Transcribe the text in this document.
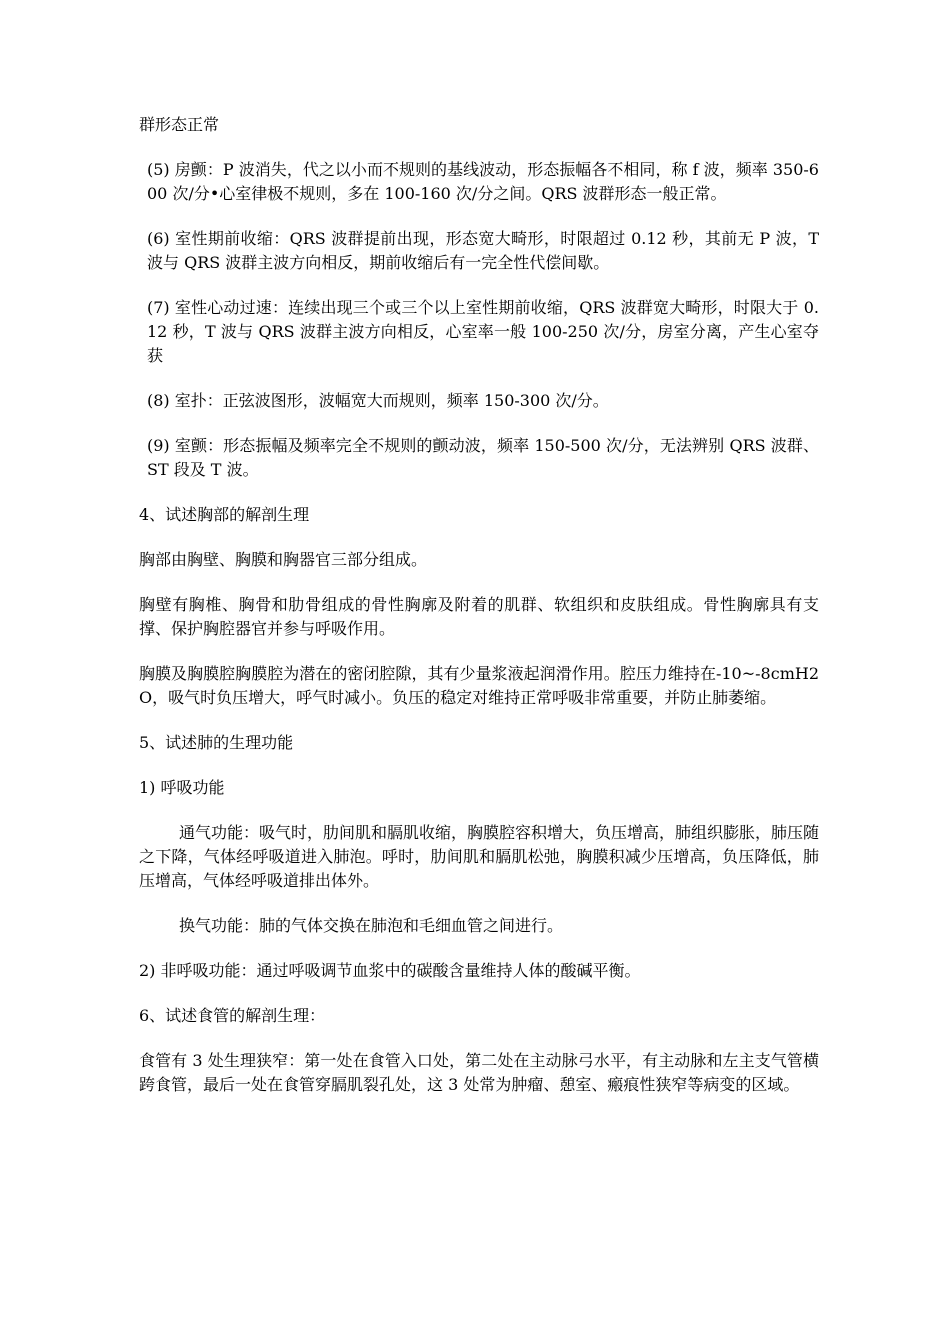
群形态正常

(5) 房颤：P 波消失，代之以小而不规则的基线波动，形态振幅各不相同，称 f 波，频率 350-600 次/分•心室律极不规则，多在 100-160 次/分之间。QRS 波群形态一般正常。

(6) 室性期前收缩：QRS 波群提前出现，形态宽大畸形，时限超过 0.12 秒，其前无 P 波，T 波与 QRS 波群主波方向相反，期前收缩后有一完全性代偿间歇。

(7) 室性心动过速：连续出现三个或三个以上室性期前收缩，QRS 波群宽大畸形，时限大于 0.12 秒，T 波与 QRS 波群主波方向相反，心室率一般 100-250 次/分，房室分离，产生心室夺获

(8) 室扑：正弦波图形，波幅宽大而规则，频率 150-300 次/分。

(9) 室颤：形态振幅及频率完全不规则的颤动波，频率 150-500 次/分，无法辨别 QRS 波群、ST 段及 T 波。

4、试述胸部的解剖生理

胸部由胸壁、胸膜和胸器官三部分组成。

胸壁有胸椎、胸骨和肋骨组成的骨性胸廓及附着的肌群、软组织和皮肤组成。骨性胸廓具有支撑、保护胸腔器官并参与呼吸作用。

胸膜及胸膜腔胸膜腔为潜在的密闭腔隙，其有少量浆液起润滑作用。腔压力维持在-10~-8cmH2O，吸气时负压增大，呼气时减小。负压的稳定对维持正常呼吸非常重要，并防止肺萎缩。

5、试述肺的生理功能

1) 呼吸功能

通气功能：吸气时，肋间肌和膈肌收缩，胸膜腔容积增大，负压增高，肺组织膨胀，肺压随之下降，气体经呼吸道进入肺泡。呼时，肋间肌和膈肌松弛，胸膜积减少压增高，负压降低，肺压增高，气体经呼吸道排出体外。

换气功能：肺的气体交换在肺泡和毛细血管之间进行。

2) 非呼吸功能：通过呼吸调节血浆中的碳酸含量维持人体的酸碱平衡。

6、试述食管的解剖生理：

食管有 3 处生理狭窄：第一处在食管入口处，第二处在主动脉弓水平，有主动脉和左主支气管横跨食管，最后一处在食管穿膈肌裂孔处，这 3 处常为肿瘤、憩室、瘢痕性狭窄等病变的区域。
